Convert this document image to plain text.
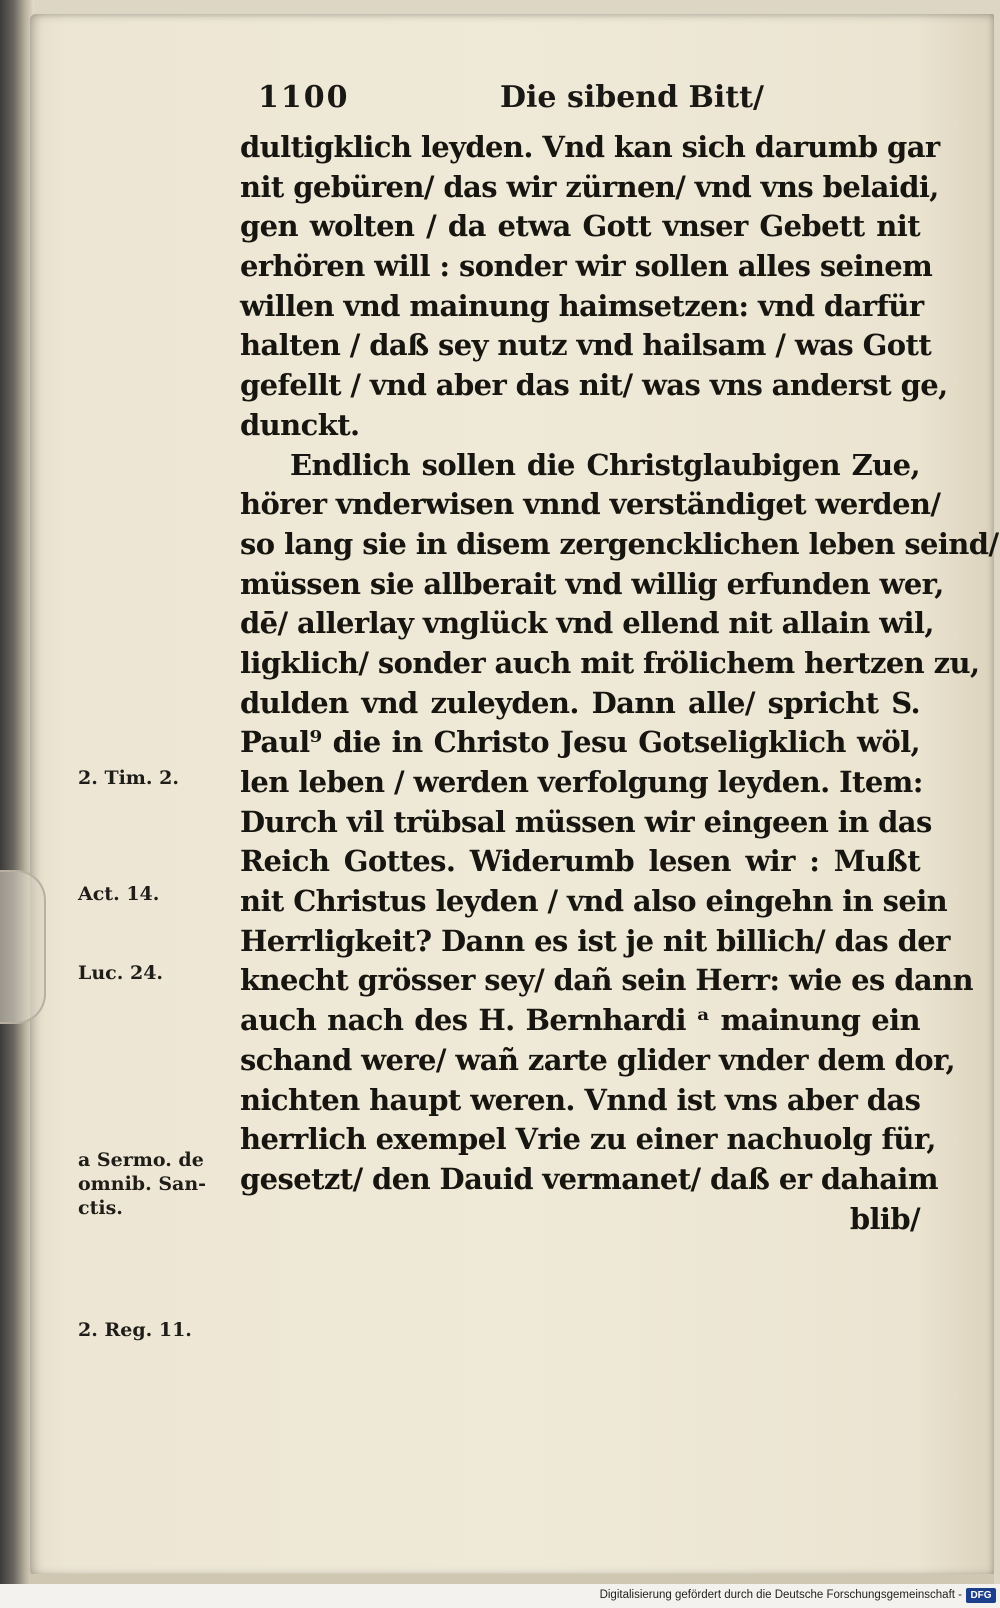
1100	Die sibend Bitt/
dultigklich leyden. Vnd kan sich darumb gar
nit gebüren/ das wir zürnen/ vnd vns belaidi,
gen wolten / da etwa Gott vnser Gebett nit
erhören will : sonder wir sollen alles seinem
willen vnd mainung haimsetzen: vnd darfür
halten / daß sey nutz vnd hailsam / was Gott
gefellt / vnd aber das nit/ was vns anderst ge,
dunckt.
Endlich sollen die Christglaubigen Zue,
hörer vnderwisen vnnd verständiget werden/
so lang sie in disem zergencklichen leben seind/
müssen sie allberait vnd willig erfunden wer,
dē/ allerlay vnglück vnd ellend nit allain wil,
ligklich/ sonder auch mit frölichem hertzen zu,
dulden vnd zuleyden. Dann alle/ spricht S.
Paul⁹ die in Christo Jesu Gotseligklich wöl,
len leben / werden verfolgung leyden. Item:
Durch vil trübsal müssen wir eingeen in das
Reich Gottes. Widerumb lesen wir : Mußt
nit Christus leyden / vnd also eingehn in sein
Herrligkeit? Dann es ist je nit billich/ das der
knecht grösser sey/ dañ sein Herr: wie es dann
auch nach des H. Bernhardi ᵃ mainung ein
schand were/ wañ zarte glider vnder dem dor,
nichten haupt weren. Vnnd ist vns aber das
herrlich exempel Vrie zu einer nachuolg für,
gesetzt/ den Dauid vermanet/ daß er dahaim
blib/
2. Tim. 2.
Act. 14.
Luc. 24.
a Sermo. de
omnib. San-
ctis.
2. Reg. 11.
Digitalisierung gefördert durch die Deutsche Forschungsgemeinschaft - DFG
